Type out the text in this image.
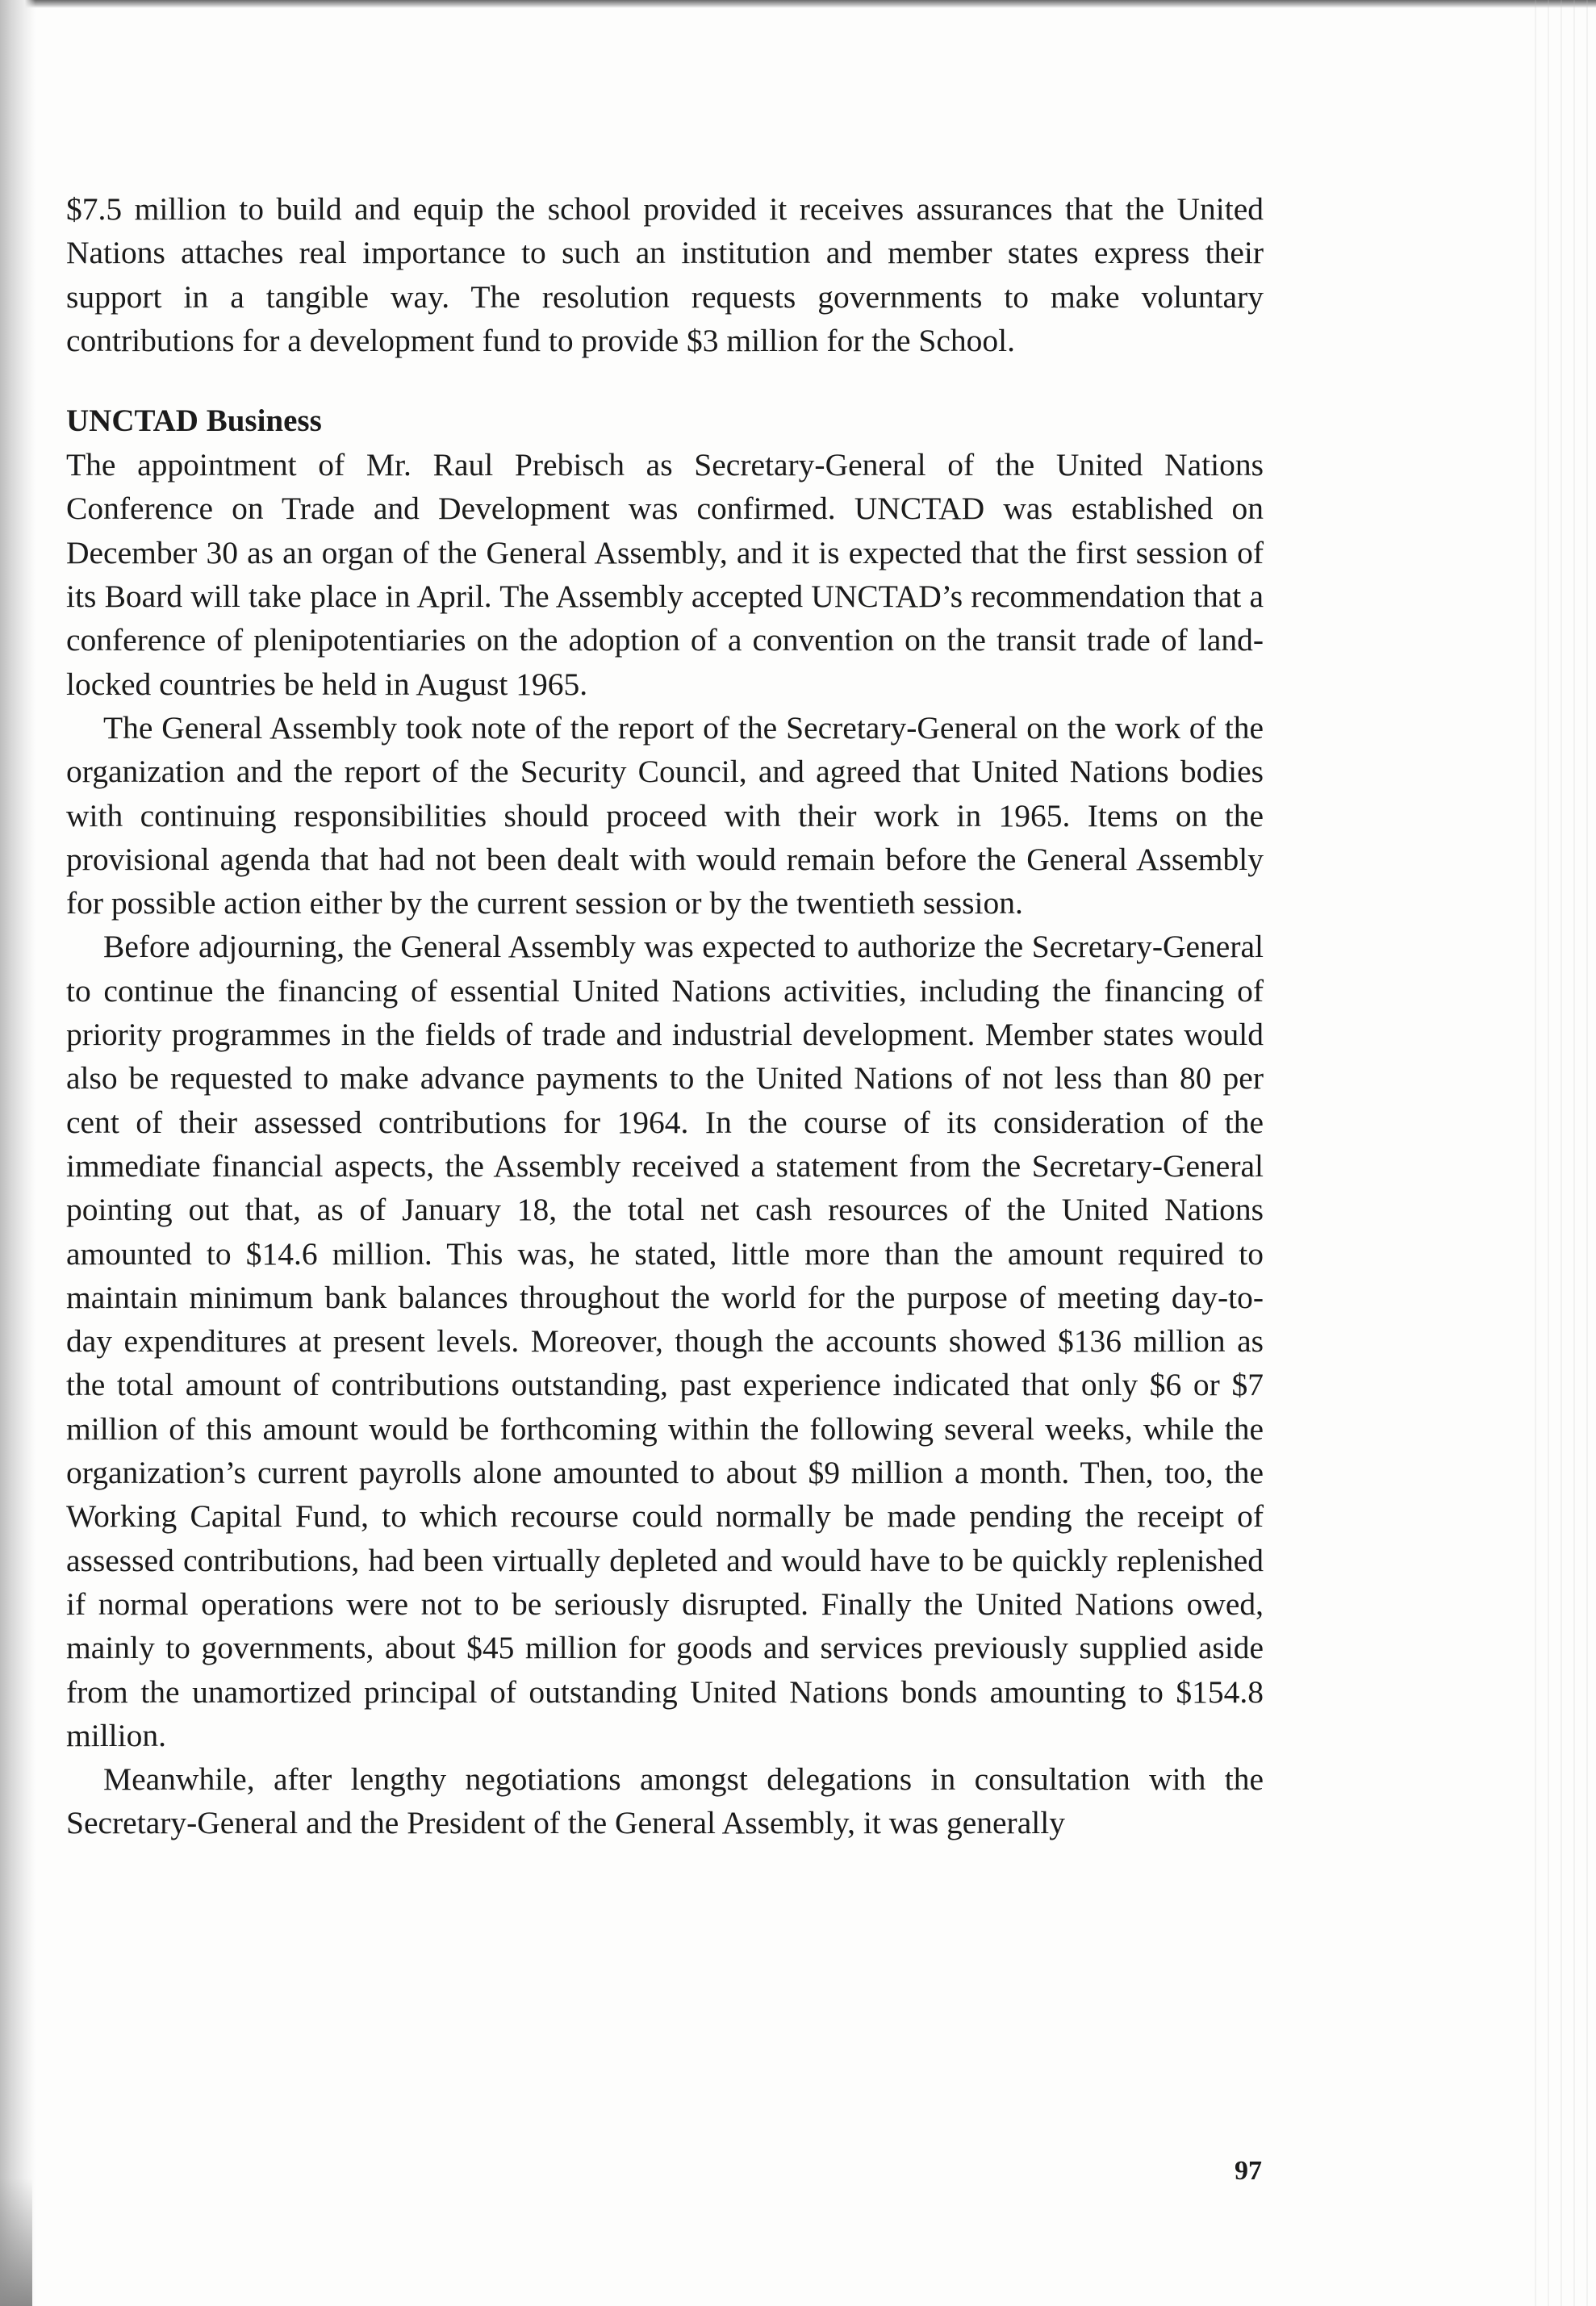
$7.5 million to build and equip the school provided it receives assurances that the United Nations attaches real importance to such an institution and member states express their support in a tangible way. The resolution requests governments to make voluntary contributions for a development fund to provide $3 million for the School.

UNCTAD Business

The appointment of Mr. Raul Prebisch as Secretary-General of the United Nations Conference on Trade and Development was confirmed. UNCTAD was established on December 30 as an organ of the General Assembly, and it is expected that the first session of its Board will take place in April. The Assembly accepted UNCTAD’s recommendation that a conference of plenipotentiaries on the adoption of a convention on the transit trade of land-locked countries be held in August 1965.

The General Assembly took note of the report of the Secretary-General on the work of the organization and the report of the Security Council, and agreed that United Nations bodies with continuing responsibilities should proceed with their work in 1965. Items on the provisional agenda that had not been dealt with would remain before the General Assembly for possible action either by the current session or by the twentieth session.

Before adjourning, the General Assembly was expected to authorize the Secretary-General to continue the financing of essential United Nations activities, including the financing of priority programmes in the fields of trade and industrial development. Member states would also be requested to make advance payments to the United Nations of not less than 80 per cent of their assessed contributions for 1964. In the course of its consideration of the immediate financial aspects, the Assembly received a statement from the Secretary-General pointing out that, as of January 18, the total net cash resources of the United Nations amounted to $14.6 million. This was, he stated, little more than the amount required to maintain minimum bank balances throughout the world for the purpose of meeting day-to-day expenditures at present levels. Moreover, though the accounts showed $136 million as the total amount of contributions outstanding, past experience indicated that only $6 or $7 million of this amount would be forthcoming within the following several weeks, while the organization’s current payrolls alone amounted to about $9 million a month. Then, too, the Working Capital Fund, to which recourse could normally be made pending the receipt of assessed contributions, had been virtually depleted and would have to be quickly replenished if normal operations were not to be seriously disrupted. Finally the United Nations owed, mainly to governments, about $45 million for goods and services previously supplied aside from the unamortized principal of outstanding United Nations bonds amounting to $154.8 million.

Meanwhile, after lengthy negotiations amongst delegations in consultation with the Secretary-General and the President of the General Assembly, it was generally

97
